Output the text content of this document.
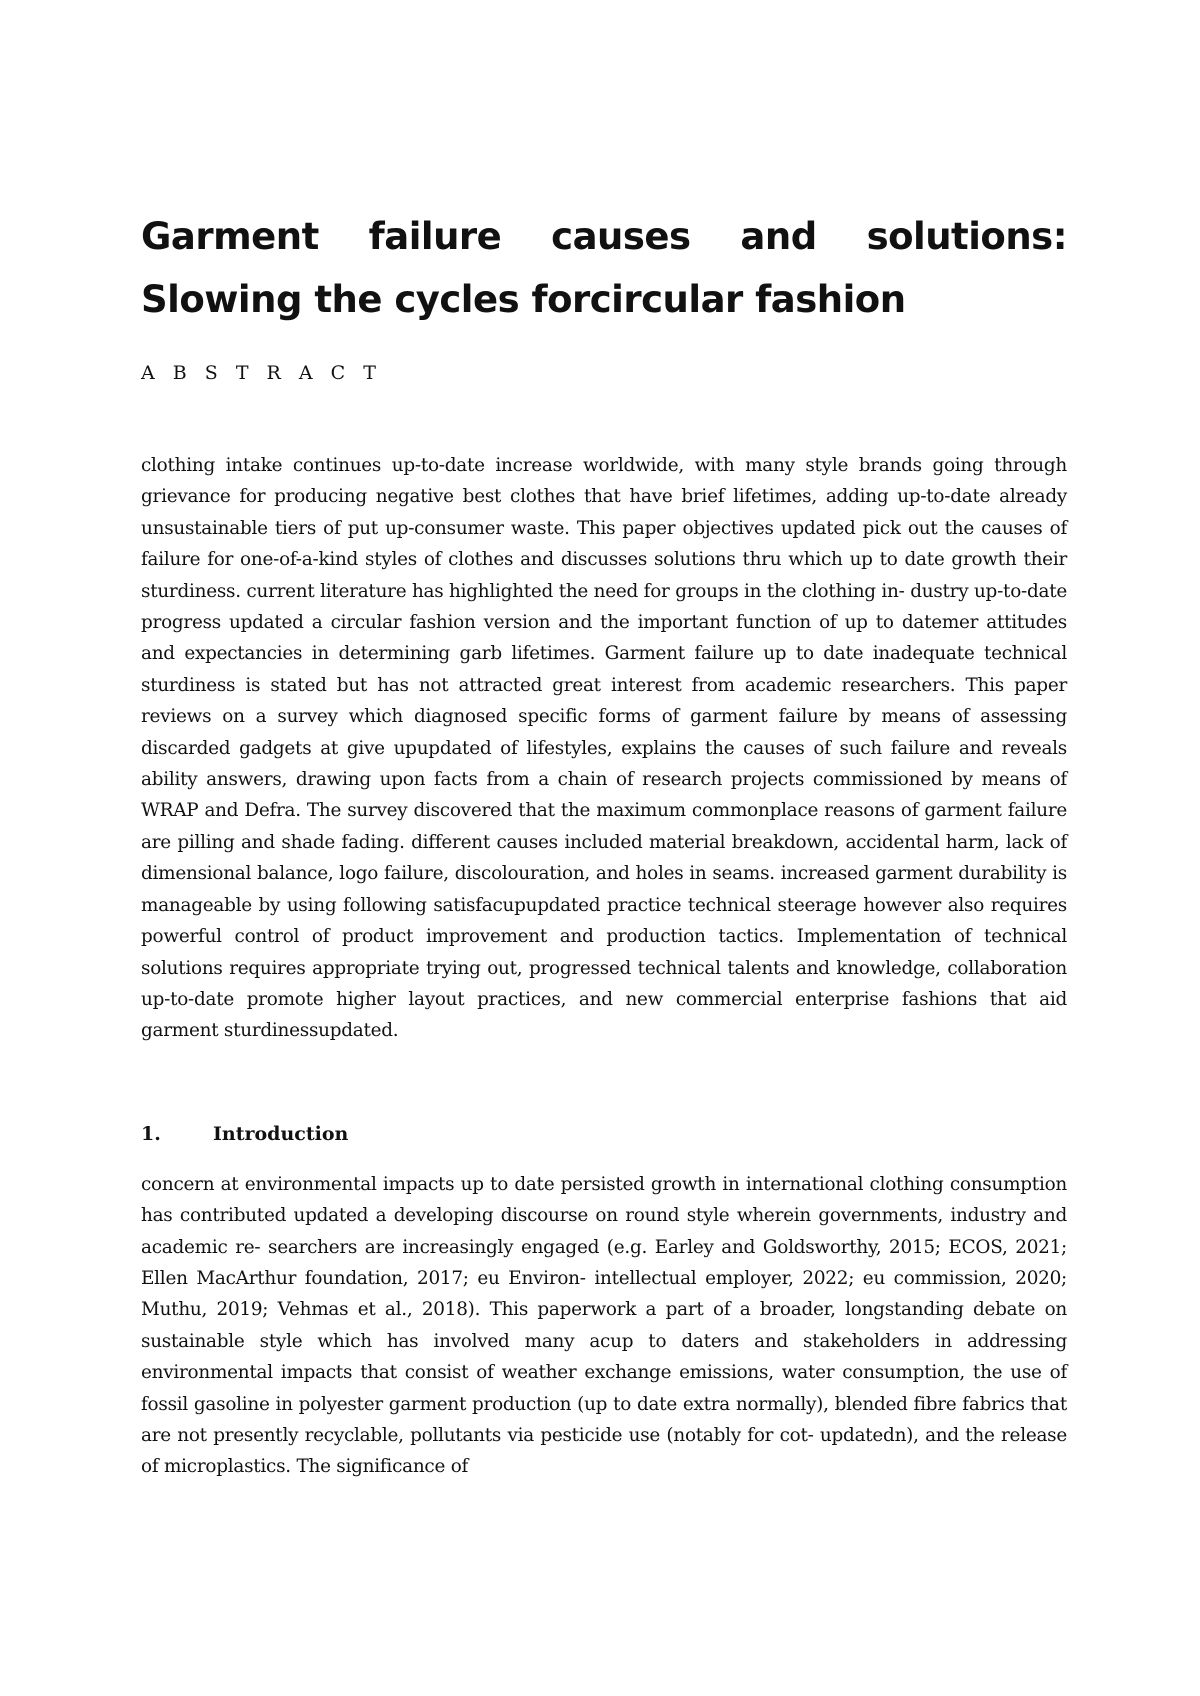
Garment failure causes and solutions: Slowing the cycles forcircular fashion
A B S T R A C T

clothing intake continues up-to-date increase worldwide, with many style brands going through grievance for producing negative best clothes that have brief lifetimes, adding up-to-date already unsustainable tiers of put up-consumer waste. This paper objectives updated pick out the causes of failure for one-of-a-kind styles of clothes and discusses solutions thru which up to date growth their sturdiness. current literature has highlighted the need for groups in the clothing in- dustry up-to-date progress updated a circular fashion version and the important function of up to datemer attitudes and expectancies in determining garb lifetimes. Garment failure up to date inadequate technical sturdiness is stated but has not attracted great interest from academic researchers. This paper reviews on a survey which diagnosed specific forms of garment failure by means of assessing discarded gadgets at give upupdated of lifestyles, explains the causes of such failure and reveals ability answers, drawing upon facts from a chain of research projects commissioned by means of WRAP and Defra. The survey discovered that the maximum commonplace reasons of garment failure are pilling and shade fading. different causes included material breakdown, accidental harm, lack of dimensional balance, logo failure, discolouration, and holes in seams. increased garment durability is manageable by using following satisfacupupdated practice technical steerage however also requires powerful control of product improvement and production tactics. Implementation of technical solutions requires appropriate trying out, progressed technical talents and knowledge, collaboration up-to-date promote higher layout practices, and new commercial enterprise fashions that aid garment sturdinessupdated.

1.	Introduction

concern at environmental impacts up to date persisted growth in international clothing consumption has contributed updated a developing discourse on round style wherein governments, industry and academic re- searchers are increasingly engaged (e.g. Earley and Goldsworthy, 2015; ECOS, 2021; Ellen MacArthur foundation, 2017; eu Environ- intellectual employer, 2022; eu commission, 2020; Muthu, 2019; Vehmas et al., 2018). This paperwork a part of a broader, longstanding debate on sustainable style which has involved many acup to daters and stakeholders in addressing environmental impacts that consist of weather exchange emissions, water consumption, the use of fossil gasoline in polyester garment production (up to date extra normally), blended fibre fabrics that are not presently recyclable, pollutants via pesticide use (notably for cot- updatedn), and the release of microplastics. The significance of
